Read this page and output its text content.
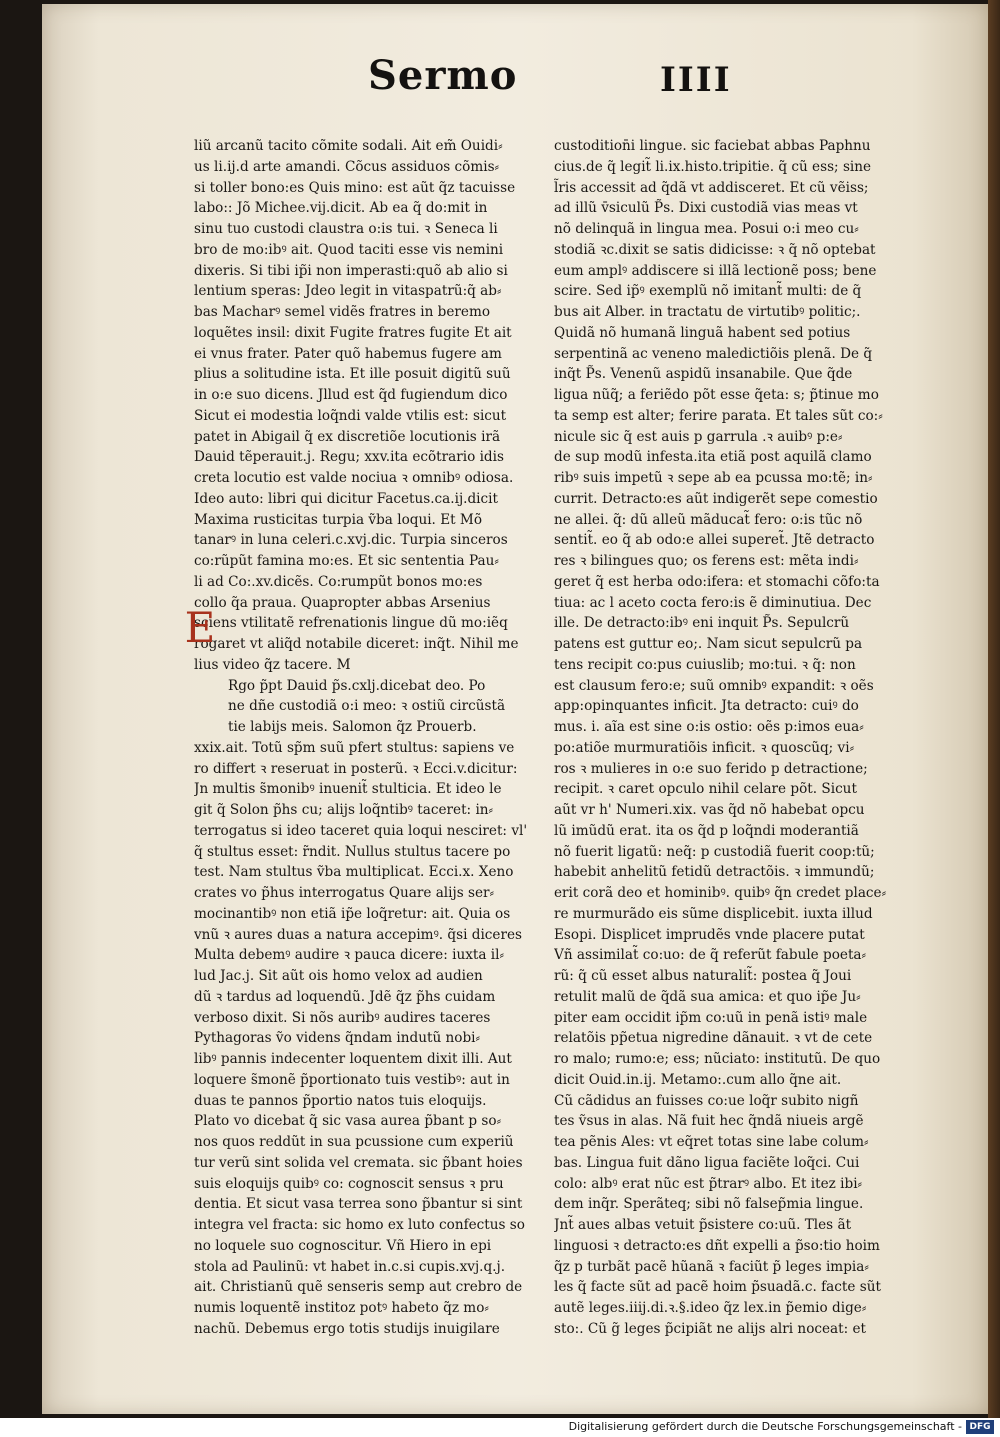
Sermo	IIII
liũ arcanũ tacito cõmite sodali. Ait em̃ Ouidi⸗
us li.ij.d arte amandi. Cõcus assiduos cõmis⸗
si toller bono:es Quis mino: est aũt q̃z tacuisse
labo:: Jõ Michee.vij.dicit. Ab ea q̃ do:mit in
sinu tuo custodi claustra o:is tui. ꝛ Seneca li
bro de mo:ibꝰ ait. Quod taciti esse vis nemini
dixeris. Si tibi ip̃i non imperasti:quõ ab alio si
lentium speras: Jdeo legit in vitaspatrũ:q̃ ab⸗
bas Macharꝰ semel vidẽs fratres in beremo
loquẽtes insil: dixit Fugite fratres fugite Et ait
ei vnus frater. Pater quõ habemus fugere am
plius a solitudine ista. Et ille posuit digitũ suũ
in o:e suo dicens. Jllud est q̃d fugiendum dico
Sicut ei modestia loq̃ndi valde vtilis est: sicut
patet in Abigail q̃ ex discretiõe locutionis irã
Dauid tẽperauit.j. Regu; xxv.ita ecõtrario idis
creta locutio est valde nociua ꝛ omnibꝰ odiosa.
Ideo auto: libri qui dicitur Facetus.ca.ij.dicit
Maxima rusticitas turpia ṽba loqui. Et Mõ
tanarꝰ in luna celeri.c.xvj.dic. Turpia sinceros
co:rũpũt famina mo:es. Et sic sententia Pau⸗
li ad Co:.xv.dicẽs. Co:rumpũt bonos mo:es
collo q̃a praua. Quapropter abbas Arsenius
sciens vtilitatẽ refrenationis lingue dũ mo:iẽq
rogaret vt aliq̃d notabile diceret: inq̃t. Nihil me
lius video q̃z tacere. M
Rgo p̃pt Dauid p̃s.cxlj.dicebat deo. Po
ne dñe custodiã o:i meo: ꝛ ostiũ circũstã
tie labijs meis. Salomon q̃z Prouerb.
xxix.ait. Totũ sp̃m suũ pfert stultus: sapiens ve
ro differt ꝛ reseruat in posterũ. ꝛ Ecci.v.dicitur:
Jn multis s̃monibꝰ inuenit̃ stulticia. Et ideo le
git q̃ Solon p̃hs cu; alijs loq̃ntibꝰ taceret: in⸗
terrogatus si ideo taceret quia loqui nesciret: vl'
q̃ stultus esset: r̃ndit. Nullus stultus tacere po
test. Nam stultus ṽba multiplicat. Ecci.x. Xeno
crates vo p̃hus interrogatus Quare alijs ser⸗
mocinantibꝰ non etiã ip̃e loq̃retur: ait. Quia os
vnũ ꝛ aures duas a natura accepimꝰ. q̃si diceres
Multa debemꝰ audire ꝛ pauca dicere: iuxta il⸗
lud Jac.j. Sit aũt ois homo velox ad audien
dũ ꝛ tardus ad loquendũ. Jdẽ q̃z p̃hs cuidam
verboso dixit. Si nõs auribꝰ audires taceres
Pythagoras ṽo videns q̃ndam indutũ nobi⸗
libꝰ pannis indecenter loquentem dixit illi. Aut
loquere s̃monẽ p̃portionato tuis vestibꝰ: aut in
duas te pannos p̃portio natos tuis eloquijs.
Plato vo dicebat q̃ sic vasa aurea p̃bant p so⸗
nos quos reddũt in sua pcussione cum experiũ
tur verũ sint solida vel cremata. sic p̃bant hoies
suis eloquijs quibꝰ co: cognoscit sensus ꝛ pru
dentia. Et sicut vasa terrea sono p̃bantur si sint
integra vel fracta: sic homo ex luto confectus so
no loquele suo cognoscitur. Vñ Hiero in epi
stola ad Paulinũ: vt habet in.c.si cupis.xvj.q.j.
ait. Christianũ quẽ senseris semp aut crebro de
numis loquentẽ institoz potꝰ habeto q̃z mo⸗
nachũ. Debemus ergo totis studijs inuigilare
custodition̄i lingue. sic faciebat abbas Paphnu
cius.de q̃ legit̃ li.ix.histo.tripitie. q̃ cũ ess; sine
l̃ris accessit ad q̃dã vt addisceret. Et cũ vẽiss;
ad illũ v̄siculũ P̃s. Dixi custodiã vias meas vt
nõ delinquã in lingua mea. Posui o:i meo cu⸗
stodiã ꝛc.dixit se satis didicisse: ꝛ q̃ nõ optebat
eum amplꝰ addiscere si illã lectionẽ poss; bene
scire. Sed ip̃ꝰ exemplũ nõ imitant̃ multi: de q̃
bus ait Alber. in tractatu de virtutibꝰ politic;.
Quidã nõ humanã linguã habent sed potius
serpentinã ac veneno maledictiõis plenã. De q̃
inq̃t P̃s. Venenũ aspidũ insanabile. Que q̃de
ligua nũq̃; a feriẽdo põt esse q̃eta: s; p̃tinue mo
ta semp est alter; ferire parata. Et tales sũt co:⸗
nicule sic q̃ est auis p garrula .ꝛ auibꝰ p:e⸗
de sup modũ infesta.ita etiã post aquilã clamo
ribꝰ suis impetũ ꝛ sepe ab ea pcussa mo:tẽ; in⸗
currit. Detracto:es aũt indigerẽt sepe comestio
ne allei. q̃: dũ alleũ mãducat̃ fero: o:is tũc nõ
sentit̃. eo q̃ ab odo:e allei superet̃. Jtẽ detracto
res ꝛ bilingues quo; os ferens est: mẽta indi⸗
geret q̃ est herba odo:ifera: et stomachi cõfo:ta
tiua: ac l aceto cocta fero:is ẽ diminutiua. Dec
ille. De detracto:ibꝰ eni inquit P̃s. Sepulcrũ
patens est guttur eo;. Nam sicut sepulcrũ pa
tens recipit co:pus cuiuslib; mo:tui. ꝛ q̃: non
est clausum fero:e; suũ omnibꝰ expandit: ꝛ oẽs
app:opinquantes inficit. Jta detracto: cuiꝰ do
mus. i. aĩa est sine o:is ostio: oẽs p:imos eua⸗
po:atiõe murmuratiõis inficit. ꝛ quoscũq; vi⸗
ros ꝛ mulieres in o:e suo ferido p detractione;
recipit. ꝛ caret opculo nihil celare põt. Sicut
aũt vr h' Numeri.xix. vas q̃d nõ habebat opcu
lũ imũdũ erat. ita os q̃d p loq̃ndi moderantiã
nõ fuerit ligatũ: neq̃: p custodiã fuerit coop:tũ;
habebit anhelitũ fetidũ detractõis. ꝛ immundũ;
erit corã deo et hominibꝰ. quibꝰ q̃n credet place⸗
re murmurãdo eis sũme displicebit. iuxta illud
Esopi. Displicet imprudẽs vnde placere putat
Vñ assimilat̃ co:uo: de q̃ referũt fabule poeta⸗
rũ: q̃ cũ esset albus naturalit̃: postea q̃ Joui
retulit malũ de q̃dã sua amica: et quo ip̃e Ju⸗
piter eam occidit ip̃m co:uũ in penã istiꝰ male
relatõis pp̃etua nigredine dãnauit. ꝛ vt de cete
ro malo; rumo:e; ess; nũciato: institutũ. De quo
dicit Ouid.in.ij. Metamo:.cum allo q̃ne ait.
Cũ cãdidus an fuisses co:ue loq̃r subito nigñ
tes ṽsus in alas. Nã fuit hec q̃ndã niueis argẽ
tea pẽnis Ales: vt eq̃ret totas sine labe colum⸗
bas. Lingua fuit dãno ligua faciẽte loq̃ci. Cui
colo: albꝰ erat nũc est p̃trarꝰ albo. Et itez ibi⸗
dem inq̃r. Sperãteq; sibi nõ falsep̃mia lingue.
Jnt̃ aues albas vetuit p̃sistere co:uũ. Tles ãt
linguosi ꝛ detracto:es dñt expelli a p̃so:tio hoim
q̃z p turbãt pacẽ hũanã ꝛ faciũt p̃ leges impia⸗
les q̃ facte sũt ad pacẽ hoim p̃suadã.c. facte sũt
autẽ leges.iiij.di.ꝛ.§.ideo q̃z lex.in p̃emio dige⸗
sto:. Cũ g̃ leges p̃cipiãt ne alijs alri noceat: et
E
Digitalisierung gefördert durch die Deutsche Forschungsgemeinschaft - DFG
